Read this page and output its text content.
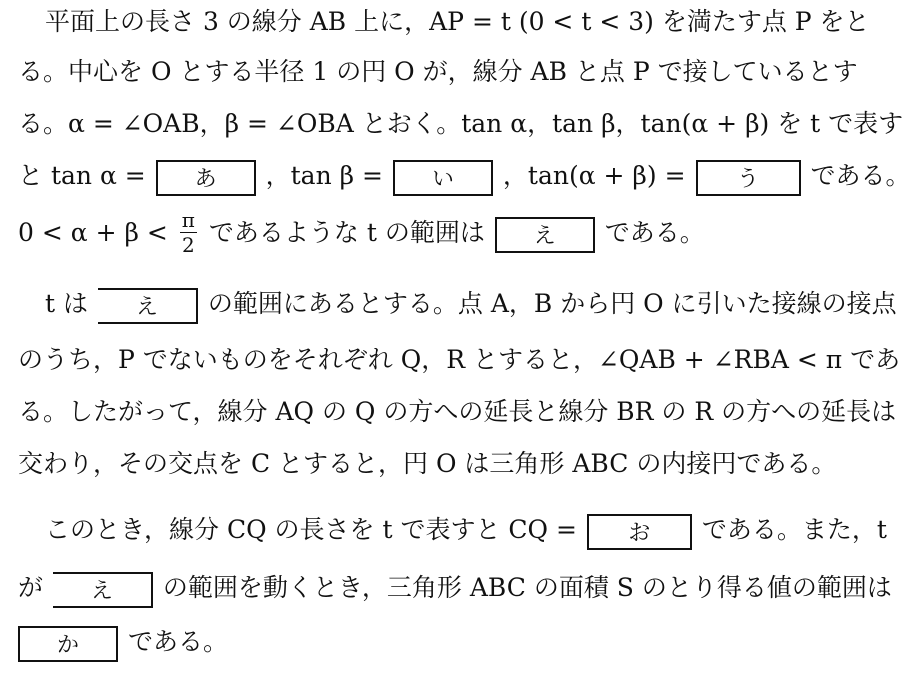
平面上の長さ 3 の線分 AB 上に，AP = t (0 < t < 3) を満たす点 P をと
る。中心を O とする半径 1 の円 O が，線分 AB と点 P で接しているとす
る。α = ∠OAB，β = ∠OBA とおく。tan α，tan β，tan(α + β) を t で表す
と tan α = あ ，tan β = い ，tan(α + β) = う である。
$0 < \alpha + \beta < \frac{\pi}{2}$ であるような t の範囲は え である。
t は え の範囲にあるとする。点 A，B から円 O に引いた接線の接点
のうち，P でないものをそれぞれ Q，R とすると，∠QAB + ∠RBA < π であ
る。したがって，線分 AQ の Q の方への延長と線分 BR の R の方への延長は
交わり，その交点を C とすると，円 O は三角形 ABC の内接円である。
このとき，線分 CQ の長さを t で表すと CQ = お である。また，t
が え の範囲を動くとき，三角形 ABC の面積 S のとり得る値の範囲は
か である。
